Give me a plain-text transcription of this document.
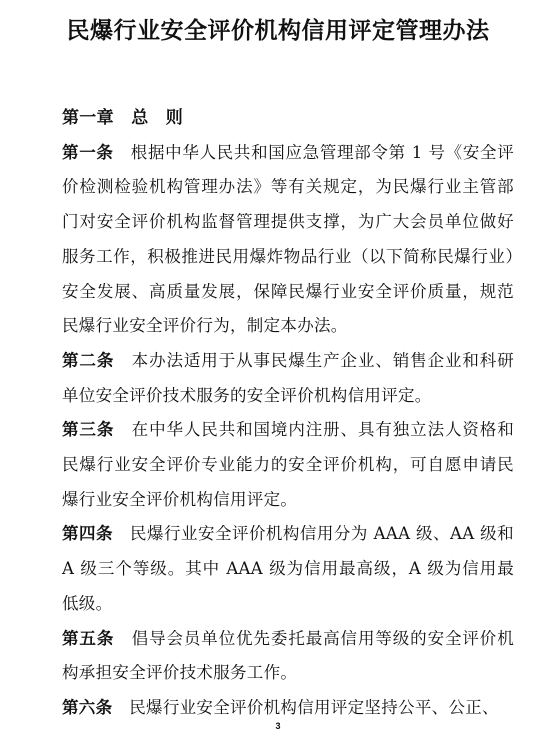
民爆行业安全评价机构信用评定管理办法

第一章　总　则

第一条　 根据中华人民共和国应急管理部令第 1 号《安全评价检测检验机构管理办法》等有关规定，为民爆行业主管部门对安全评价机构监督管理提供支撑，为广大会员单位做好服务工作，积极推进民用爆炸物品行业（以下简称民爆行业）安全发展、高质量发展，保障民爆行业安全评价质量，规范民爆行业安全评价行为，制定本办法。

第二条　 本办法适用于从事民爆生产企业、销售企业和科研单位安全评价技术服务的安全评价机构信用评定。

第三条　 在中华人民共和国境内注册、具有独立法人资格和民爆行业安全评价专业能力的安全评价机构，可自愿申请民爆行业安全评价机构信用评定。

第四条　 民爆行业安全评价机构信用分为 AAA 级、AA 级和 A 级三个等级。其中 AAA 级为信用最高级，A 级为信用最低级。

第五条　 倡导会员单位优先委托最高信用等级的安全评价机构承担安全评价技术服务工作。

第六条　 民爆行业安全评价机构信用评定坚持公平、公正、

3
